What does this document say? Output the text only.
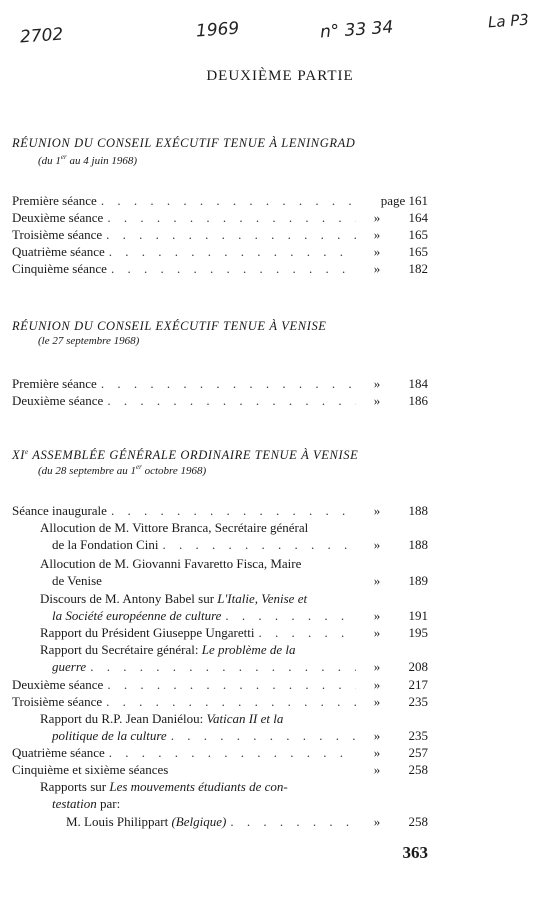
2702	1969	n° 33 34	La P3
DEUXIÈME PARTIE
RÉUNION DU CONSEIL EXÉCUTIF TENUE À LENINGRAD
(du 1er au 4 juin 1968)
Première séance . . .	page 161
Deuxième séance . . .	»	164
Troisième séance . . .	»	165
Quatrième séance . . .	»	165
Cinquième séance . . .	»	182
RÉUNION DU CONSEIL EXÉCUTIF TENUE À VENISE
(le 27 septembre 1968)
Première séance . . .	»	184
Deuxième séance . . .	»	186
XIe ASSEMBLÉE GÉNÉRALE ORDINAIRE TENUE À VENISE
(du 28 septembre au 1er octobre 1968)
Séance inaugurale . . .	»	188
Allocution de M. Vittore Branca, Secrétaire général
de la Fondation Cini . . .	»	188
Allocution de M. Giovanni Favaretto Fisca, Maire
de Venise	»	189
Discours de M. Antony Babel sur L'Italie, Venise et
la Société européenne de culture . . .	»	191
Rapport du Président Giuseppe Ungaretti . . .	»	195
Rapport du Secrétaire général: Le problème de la
guerre . . .	»	208
Deuxième séance . . .	»	217
Troisième séance . . .	»	235
Rapport du R.P. Jean Daniélou: Vatican II et la
politique de la culture . . .	»	235
Quatrième séance . . .	»	257
Cinquième et sixième séances	»	258
Rapports sur Les mouvements étudiants de con-
testation par:
M. Louis Philippart (Belgique) . . .	»	258
363
